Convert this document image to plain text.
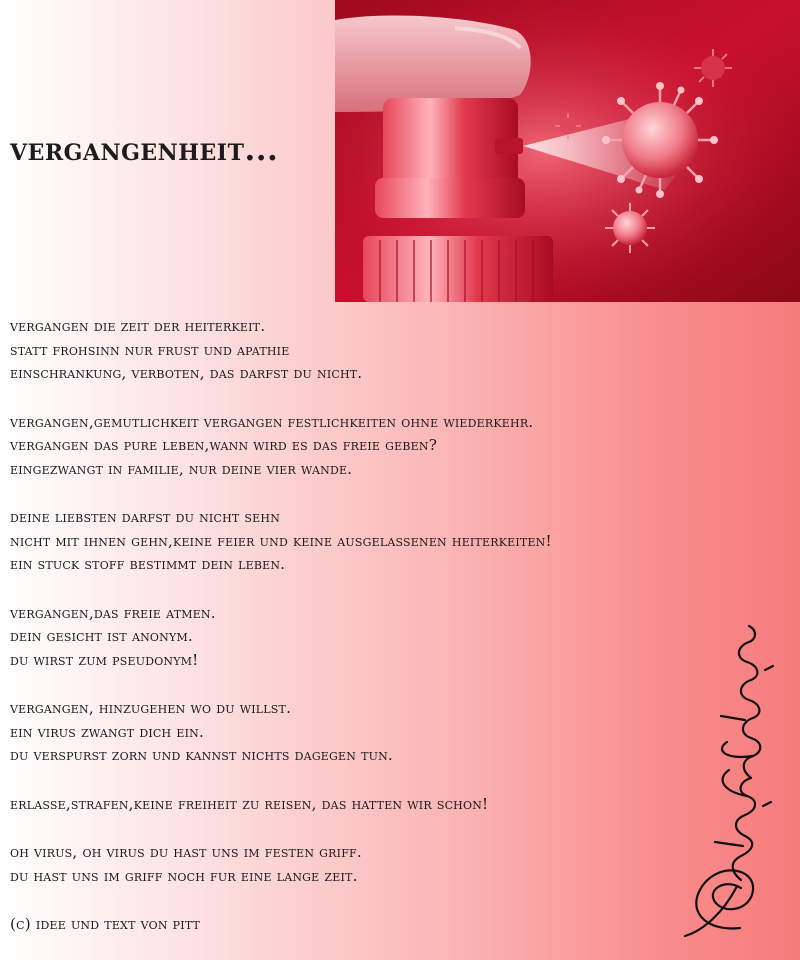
vergangenheit...

vergangen die zeit der heiterkeit.
statt frohsinn nur frust und apathie
einschrankung, verboten, das darfst du nicht.

vergangen,gemutlichkeit vergangen festlichkeiten ohne wiederkehr.
vergangen das pure leben,wann wird es das freie geben?
eingezwangt in familie, nur deine vier wande.

deine liebsten darfst du nicht sehn
nicht mit ihnen gehn,keine feier und keine ausgelassenen heiterkeiten!
ein stuck stoff bestimmt dein leben.

vergangen,das freie atmen.
dein gesicht ist anonym.
du wirst zum pseudonym!

vergangen, hinzugehen wo du willst.
ein virus zwangt dich ein.
du verspurst zorn und kannst nichts dagegen tun.

erlasse,strafen,keine freiheit zu reisen, das hatten wir schon!

oh virus, oh virus du hast uns im festen griff.
du hast uns im griff noch fur eine lange zeit.

(c) idee und text von pitt
